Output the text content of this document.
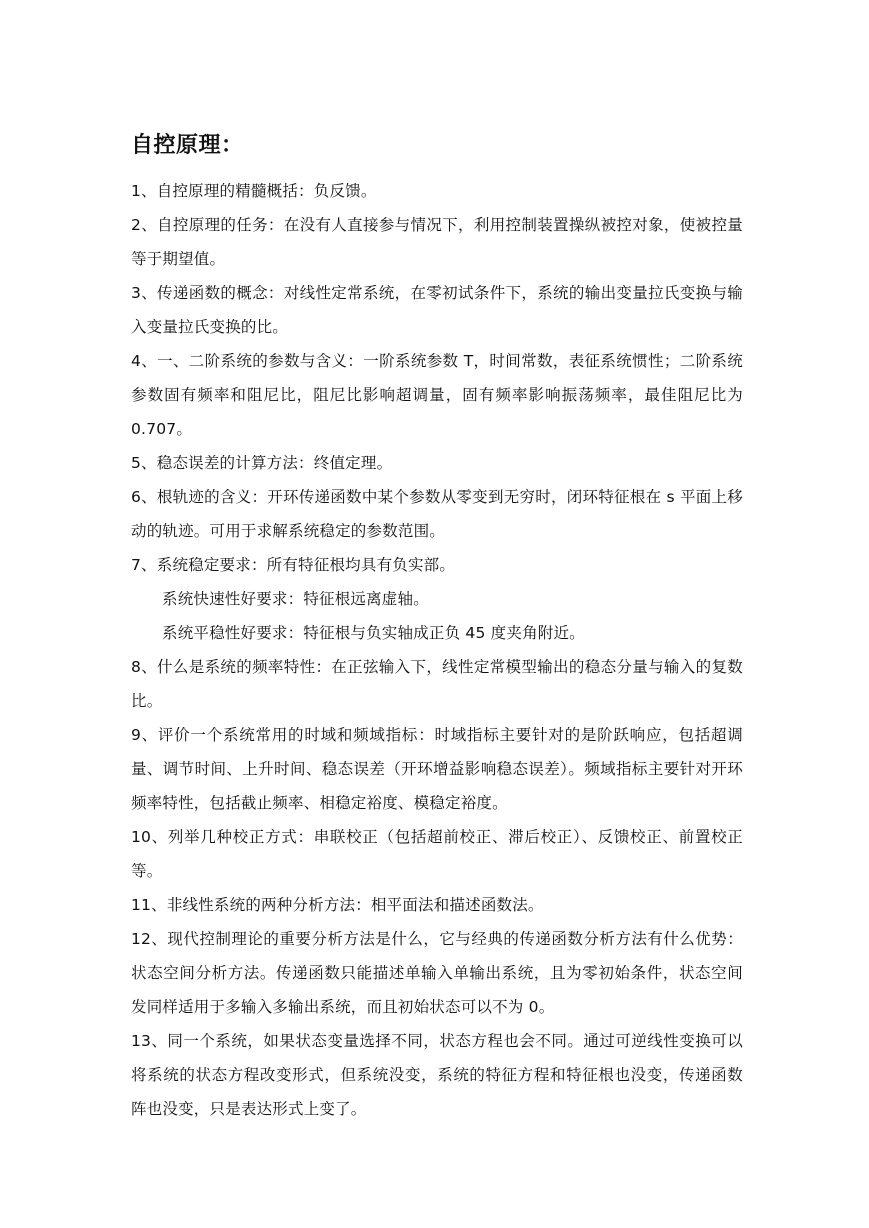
自控原理：

1、自控原理的精髓概括：负反馈。

2、自控原理的任务：在没有人直接参与情况下，利用控制装置操纵被控对象，使被控量等于期望值。

3、传递函数的概念：对线性定常系统，在零初试条件下，系统的输出变量拉氏变换与输入变量拉氏变换的比。

4、一、二阶系统的参数与含义：一阶系统参数 T，时间常数，表征系统惯性；二阶系统参数固有频率和阻尼比，阻尼比影响超调量，固有频率影响振荡频率，最佳阻尼比为 0.707。

5、稳态误差的计算方法：终值定理。

6、根轨迹的含义：开环传递函数中某个参数从零变到无穷时，闭环特征根在 s 平面上移动的轨迹。可用于求解系统稳定的参数范围。

7、系统稳定要求：所有特征根均具有负实部。

系统快速性好要求：特征根远离虚轴。

系统平稳性好要求：特征根与负实轴成正负 45 度夹角附近。

8、什么是系统的频率特性：在正弦输入下，线性定常模型输出的稳态分量与输入的复数比。

9、评价一个系统常用的时域和频域指标：时域指标主要针对的是阶跃响应，包括超调量、调节时间、上升时间、稳态误差（开环增益影响稳态误差）。频域指标主要针对开环频率特性，包括截止频率、相稳定裕度、模稳定裕度。

10、列举几种校正方式：串联校正（包括超前校正、滞后校正）、反馈校正、前置校正等。

11、非线性系统的两种分析方法：相平面法和描述函数法。

12、现代控制理论的重要分析方法是什么，它与经典的传递函数分析方法有什么优势：状态空间分析方法。传递函数只能描述单输入单输出系统，且为零初始条件，状态空间发同样适用于多输入多输出系统，而且初始状态可以不为 0。

13、同一个系统，如果状态变量选择不同，状态方程也会不同。通过可逆线性变换可以将系统的状态方程改变形式，但系统没变，系统的特征方程和特征根也没变，传递函数阵也没变，只是表达形式上变了。
